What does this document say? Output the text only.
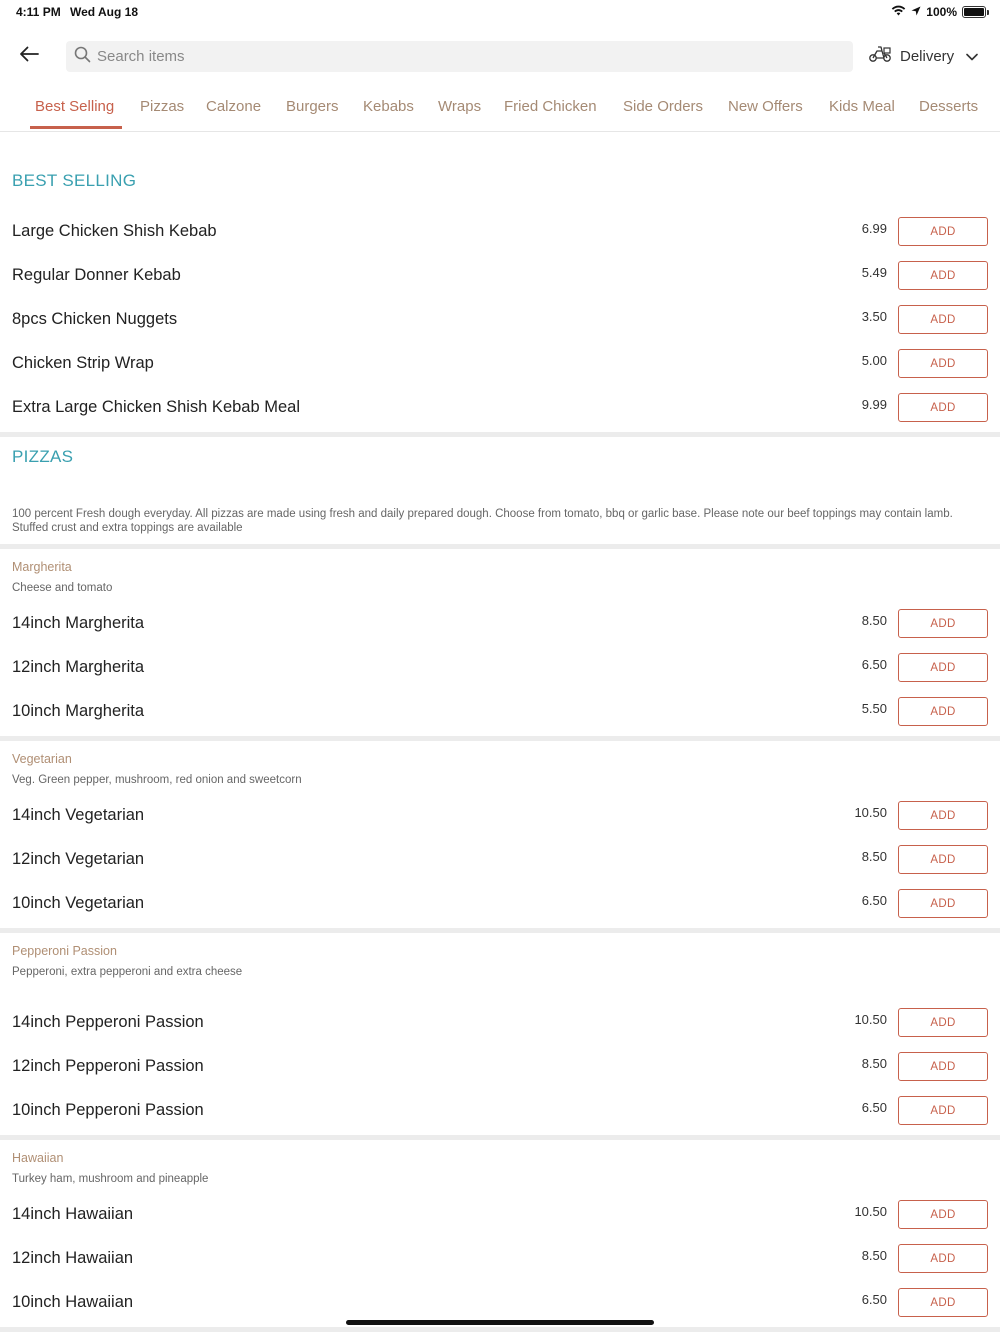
4:11 PM Wed Aug 18	100%
Search items
Delivery
Best Selling Pizzas Calzone Burgers Kebabs Wraps Fried Chicken Side Orders New Offers Kids Meal Desserts
BEST SELLING
Large Chicken Shish Kebab	6.99	ADD
Regular Donner Kebab	5.49	ADD
8pcs Chicken Nuggets	3.50	ADD
Chicken Strip Wrap	5.00	ADD
Extra Large Chicken Shish Kebab Meal	9.99	ADD
PIZZAS
100 percent Fresh dough everyday. All pizzas are made using fresh and daily prepared dough. Choose from tomato, bbq or garlic base. Please note our beef toppings may contain lamb. Stuffed crust and extra toppings are available
Margherita
Cheese and tomato
14inch Margherita	8.50	ADD
12inch Margherita	6.50	ADD
10inch Margherita	5.50	ADD
Vegetarian
Veg. Green pepper, mushroom, red onion and sweetcorn
14inch Vegetarian	10.50	ADD
12inch Vegetarian	8.50	ADD
10inch Vegetarian	6.50	ADD
Pepperoni Passion
Pepperoni, extra pepperoni and extra cheese
14inch Pepperoni Passion	10.50	ADD
12inch Pepperoni Passion	8.50	ADD
10inch Pepperoni Passion	6.50	ADD
Hawaiian
Turkey ham, mushroom and pineapple
14inch Hawaiian	10.50	ADD
12inch Hawaiian	8.50	ADD
10inch Hawaiian	6.50	ADD
